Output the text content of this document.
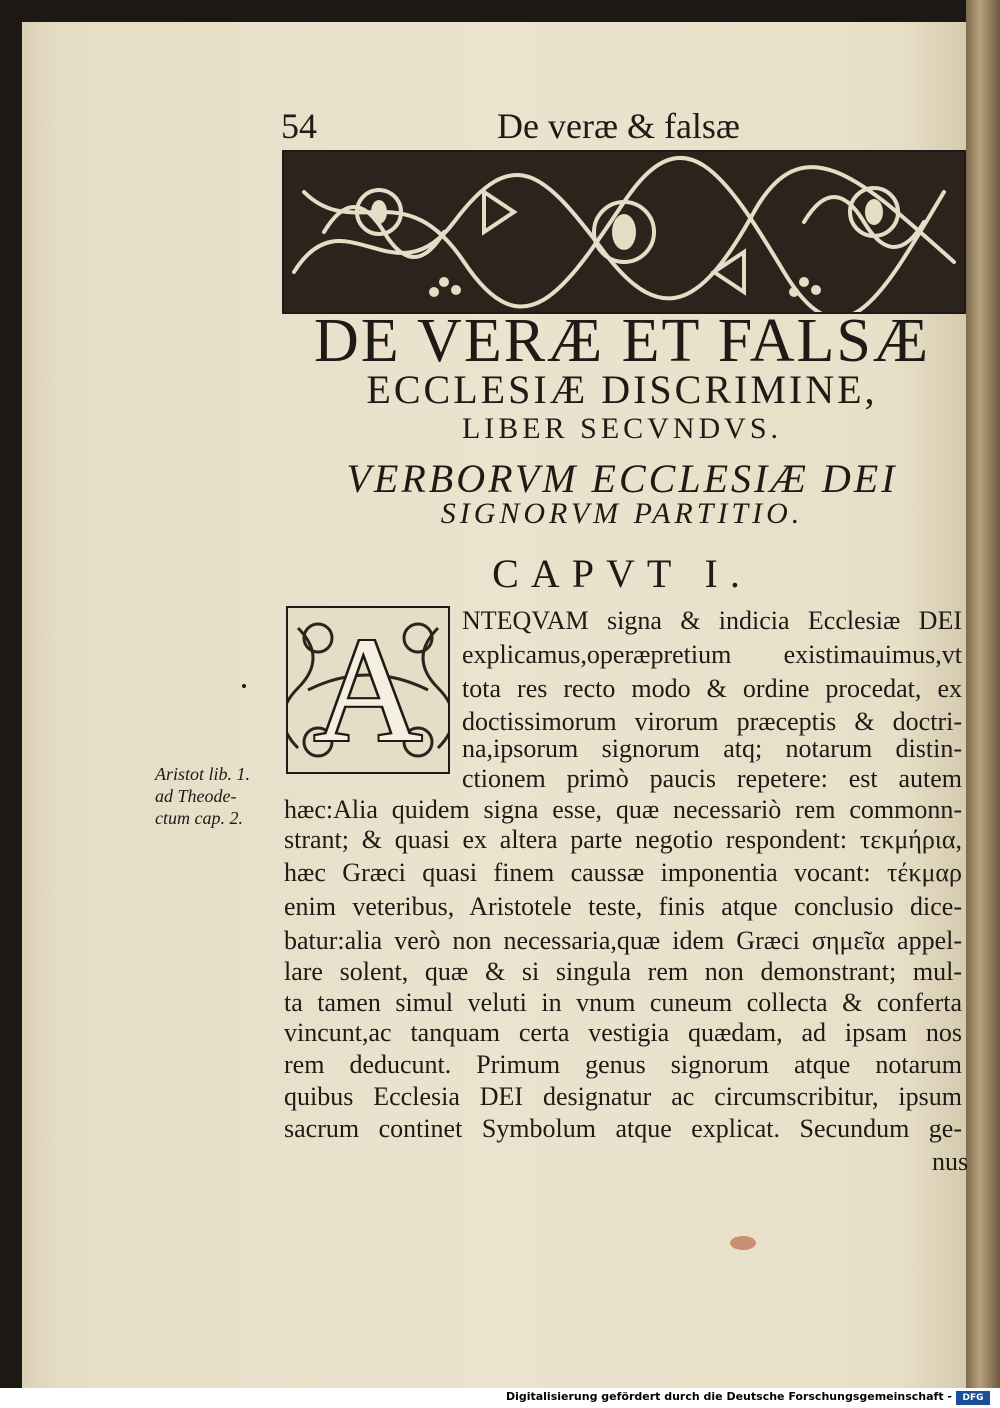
54	De veræ & falsæ
DE VERÆ ET FALSÆ
ECCLESIÆ DISCRIMINE,
LIBER SECVNDVS.
VERBORVM ECCLESIÆ DEI
SIGNORVM PARTITIO.
CAPVT I.
A	NTEQVAM signa & indicia Ecclesiæ DEI
explicamus,operæpretium existimauimus,vt
tota res recto modo & ordine procedat, ex
doctissimorum virorum præceptis & doctri-
na,ipsorum signorum atq; notarum distin-
ctionem primò paucis repetere: est autem
hæc:Alia quidem signa esse, quæ necessariò rem commonn-
strant; & quasi ex altera parte negotio respondent: τεκμήρια,
hæc Græci quasi finem caussæ imponentia vocant: τέκμαρ
enim veteribus, Aristotele teste, finis atque conclusio dice-
batur:alia verò non necessaria,quæ idem Græci σημεῖα appel-
lare solent, quæ & si singula rem non demonstrant; mul-
ta tamen simul veluti in vnum cuneum collecta & conferta
vincunt,ac tanquam certa vestigia quædam, ad ipsam nos
rem deducunt. Primum genus signorum atque notarum
quibus Ecclesia DEI designatur ac circumscribitur, ipsum
sacrum continet Symbolum atque explicat. Secundum ge-
nus
Aristot lib. 1.
ad Theode-
ctum cap. 2.
Digitalisierung gefördert durch die Deutsche Forschungsgemeinschaft -	DFG
